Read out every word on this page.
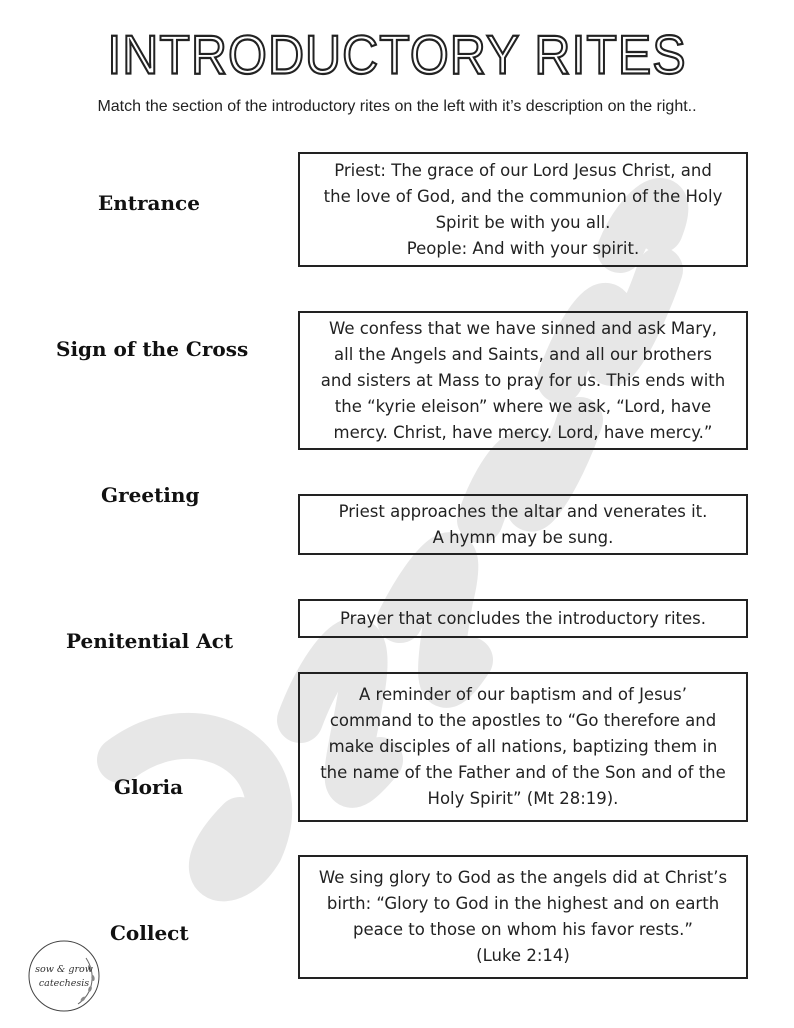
INTRODUCTORY RITES
Match the section of the introductory rites on the left with it’s description on the right..
Entrance
Sign of the Cross
Greeting
Penitential Act
Gloria
Collect
Priest: The grace of our Lord Jesus Christ, and
the love of God, and the communion of the Holy
Spirit be with you all.
People: And with your spirit.
We confess that we have sinned and ask Mary,
all the Angels and Saints, and all our brothers
and sisters at Mass to pray for us. This ends with
the “kyrie eleison” where we ask, “Lord, have
mercy. Christ, have mercy. Lord, have mercy.”
Priest approaches the altar and venerates it.
A hymn may be sung.
Prayer that concludes the introductory rites.
A reminder of our baptism and of Jesus’
command to the apostles to “Go therefore and
make disciples of all nations, baptizing them in
the name of the Father and of the Son and of the
Holy Spirit” (Mt 28:19).
We sing glory to God as the angels did at Christ’s
birth: “Glory to God in the highest and on earth
peace to those on whom his favor rests.”
(Luke 2:14)
sow & grow
catechesis
